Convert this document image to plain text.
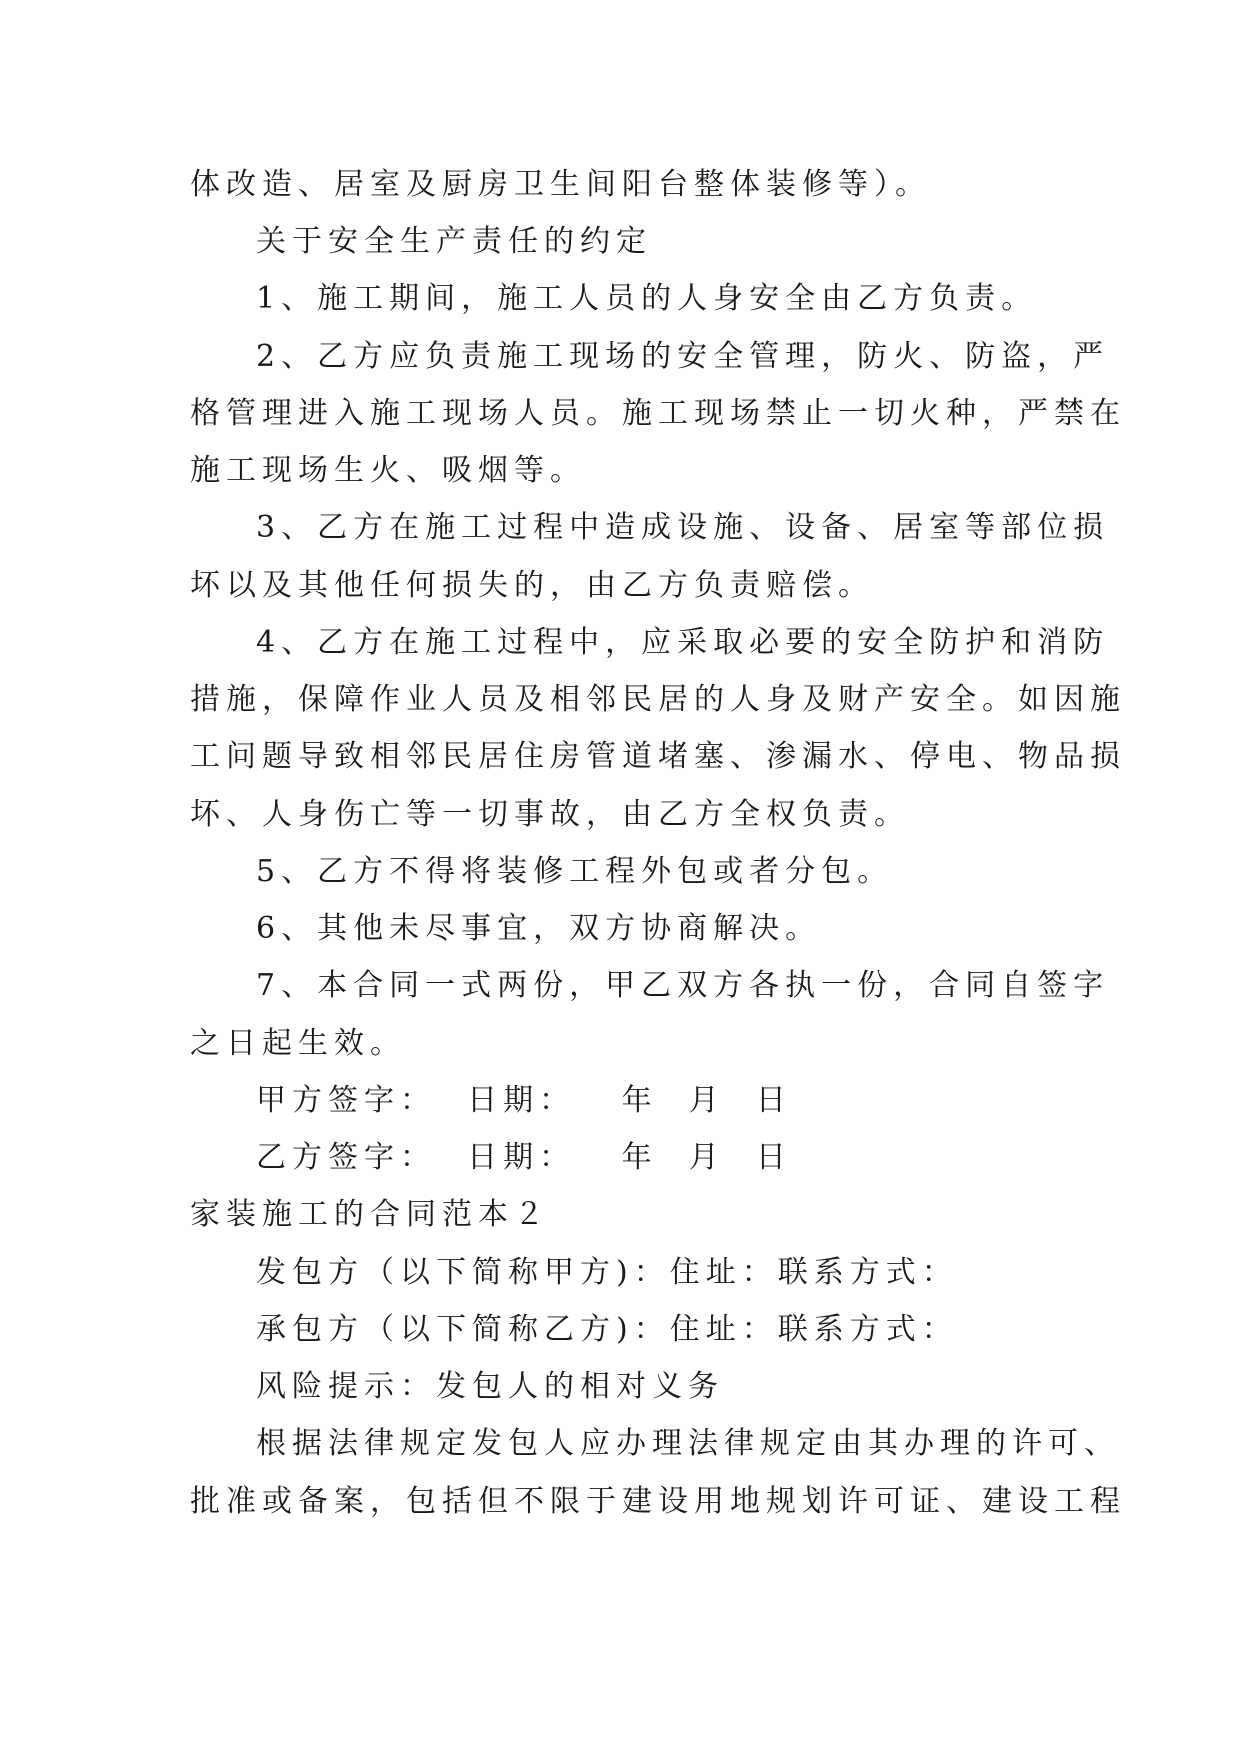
体改造、居室及厨房卫生间阳台整体装修等）。
关于安全生产责任的约定
1、施工期间，施工人员的人身安全由乙方负责。
2、乙方应负责施工现场的安全管理，防火、防盗，严
格管理进入施工现场人员。施工现场禁止一切火种，严禁在
施工现场生火、吸烟等。
3、乙方在施工过程中造成设施、设备、居室等部位损
坏以及其他任何损失的，由乙方负责赔偿。
4、乙方在施工过程中，应采取必要的安全防护和消防
措施，保障作业人员及相邻民居的人身及财产安全。如因施
工问题导致相邻民居住房管道堵塞、渗漏水、停电、物品损
坏、人身伤亡等一切事故，由乙方全权负责。
5、乙方不得将装修工程外包或者分包。
6、其他未尽事宜，双方协商解决。
7、本合同一式两份，甲乙双方各执一份，合同自签字
之日起生效。
甲方签字：  日期：   年  月  日
乙方签字：  日期：   年  月  日
家装施工的合同范本２
发包方（以下简称甲方)：住址：联系方式：
承包方（以下简称乙方)：住址：联系方式：
风险提示：发包人的相对义务
根据法律规定发包人应办理法律规定由其办理的许可、
批准或备案，包括但不限于建设用地规划许可证、建设工程
